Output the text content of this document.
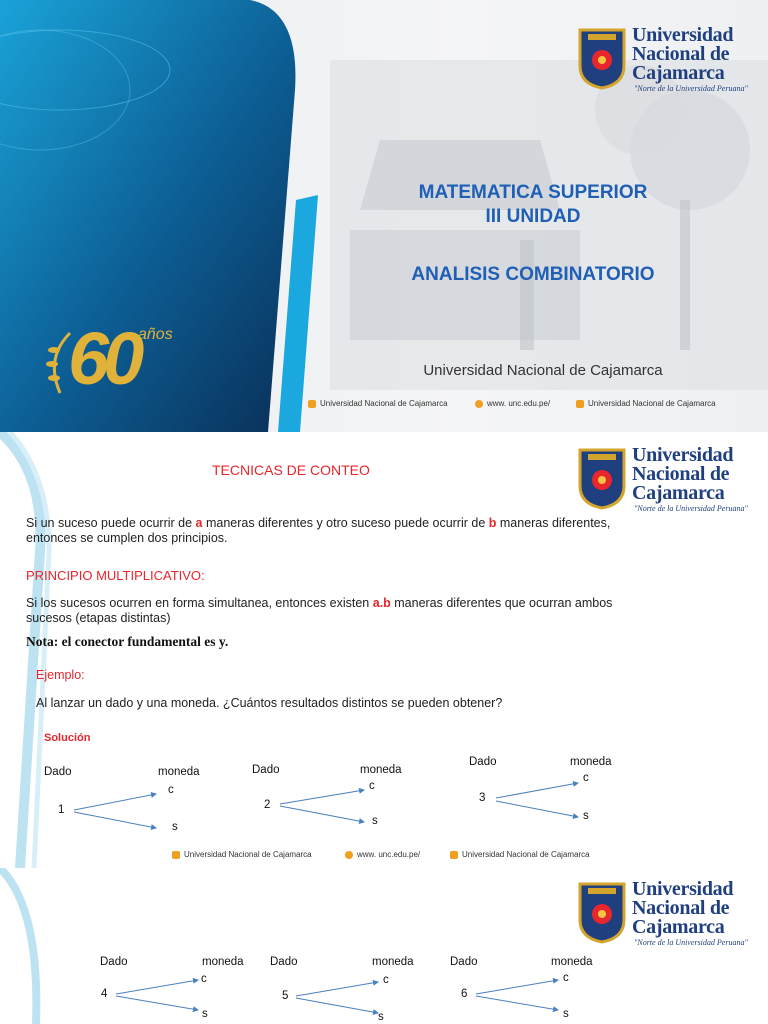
60 años
Universidad
Nacional de
Cajamarca
"Norte de la Universidad Peruana"
MATEMATICA SUPERIOR
III UNIDAD
ANALISIS COMBINATORIO
Universidad Nacional de Cajamarca
Universidad Nacional de Cajamarca	www. unc.edu.pe/	Universidad Nacional de Cajamarca
Universidad
Nacional de
Cajamarca
"Norte de la Universidad Peruana"
TECNICAS DE CONTEO
Si un suceso puede ocurrir de a maneras diferentes y otro suceso puede ocurrir de b maneras diferentes,
entonces se cumplen dos principios.
PRINCIPIO MULTIPLICATIVO:
Si los sucesos ocurren en forma simultanea, entonces existen a.b maneras diferentes que ocurran ambos
sucesos (etapas distintas)
Nota: el conector fundamental es y.
Ejemplo:
Al lanzar un dado y una moneda. ¿Cuántos resultados distintos se pueden obtener?
Solución
Dado	moneda
1
c
s
Dado	moneda
2
c
s
Dado	moneda
3
c
s
Universidad Nacional de Cajamarca	www. unc.edu.pe/	Universidad Nacional de Cajamarca
Universidad
Nacional de
Cajamarca
"Norte de la Universidad Peruana"
Dado	moneda
4
c
s
Dado	moneda
5
c
s
Dado	moneda
6
c
s
